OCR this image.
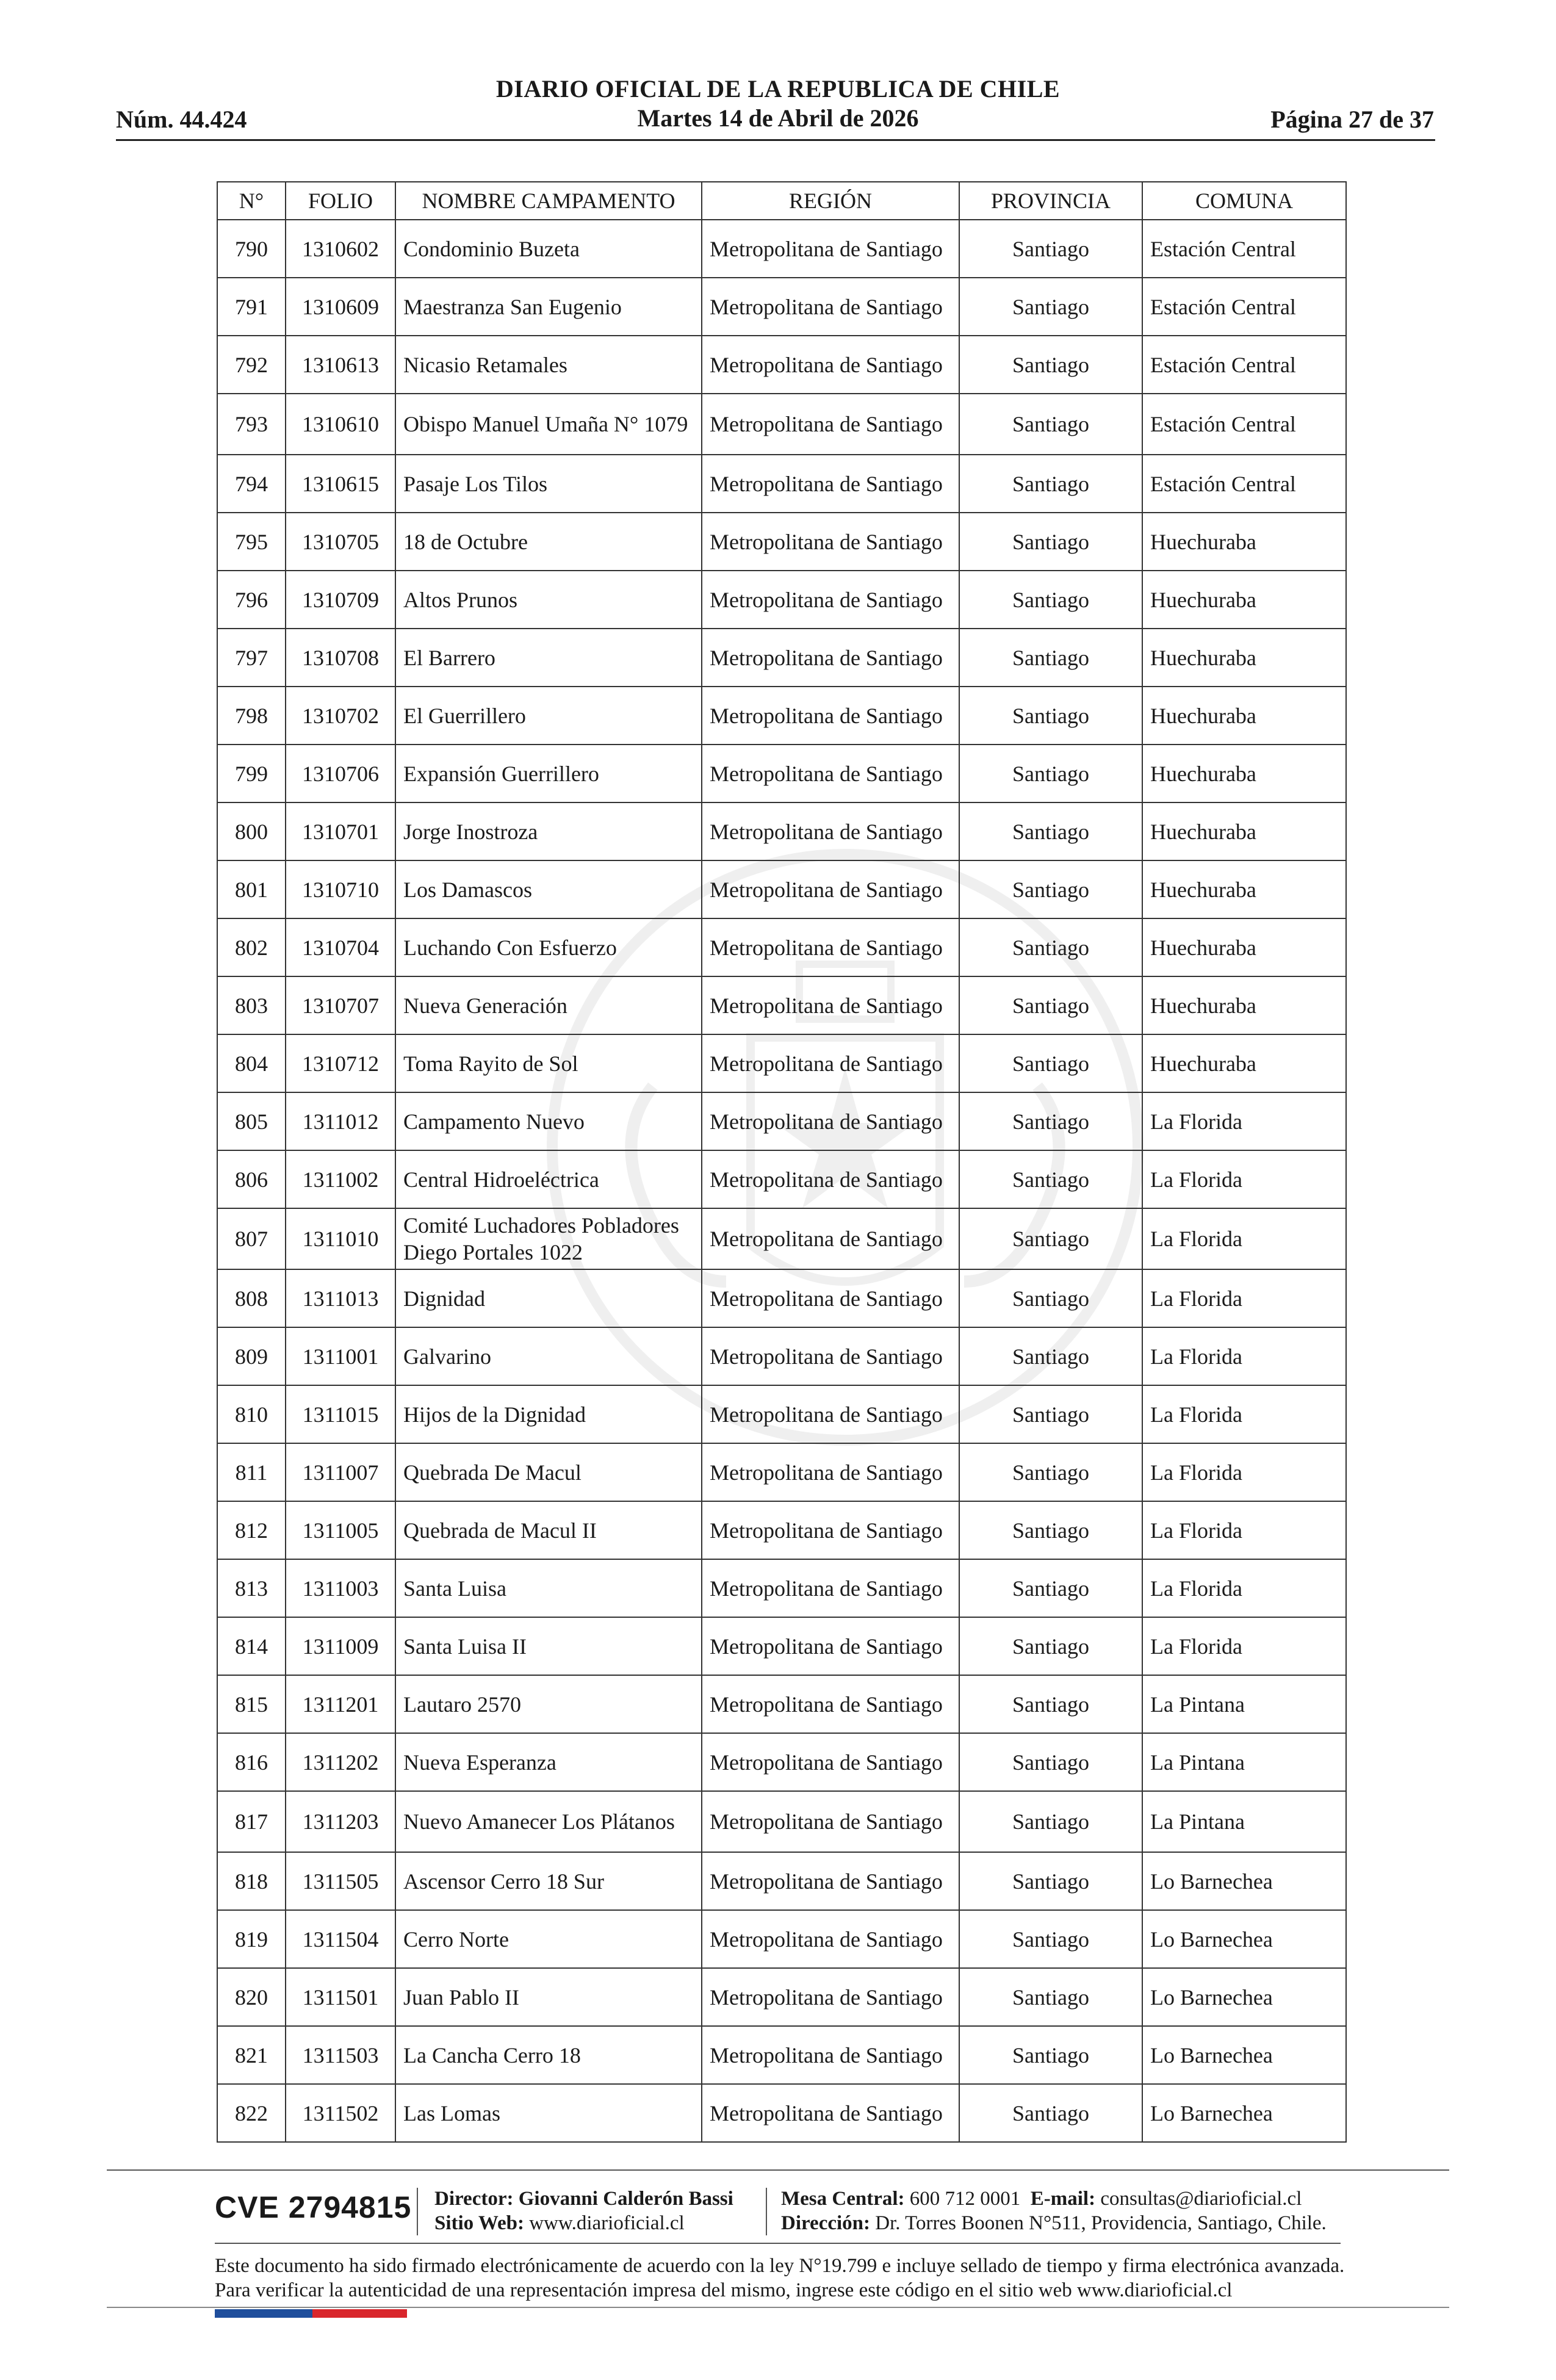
DIARIO OFICIAL DE LA REPUBLICA DE CHILE
Núm. 44.424	Martes 14 de Abril de 2026	Página 27 de 37
N°	FOLIO	NOMBRE CAMPAMENTO	REGIÓN	PROVINCIA	COMUNA
790	1310602	Condominio Buzeta	Metropolitana de Santiago	Santiago	Estación Central
791	1310609	Maestranza San Eugenio	Metropolitana de Santiago	Santiago	Estación Central
792	1310613	Nicasio Retamales	Metropolitana de Santiago	Santiago	Estación Central
793	1310610	Obispo Manuel Umaña N° 1079	Metropolitana de Santiago	Santiago	Estación Central
794	1310615	Pasaje Los Tilos	Metropolitana de Santiago	Santiago	Estación Central
795	1310705	18 de Octubre	Metropolitana de Santiago	Santiago	Huechuraba
796	1310709	Altos Prunos	Metropolitana de Santiago	Santiago	Huechuraba
797	1310708	El Barrero	Metropolitana de Santiago	Santiago	Huechuraba
798	1310702	El Guerrillero	Metropolitana de Santiago	Santiago	Huechuraba
799	1310706	Expansión Guerrillero	Metropolitana de Santiago	Santiago	Huechuraba
800	1310701	Jorge Inostroza	Metropolitana de Santiago	Santiago	Huechuraba
801	1310710	Los Damascos	Metropolitana de Santiago	Santiago	Huechuraba
802	1310704	Luchando Con Esfuerzo	Metropolitana de Santiago	Santiago	Huechuraba
803	1310707	Nueva Generación	Metropolitana de Santiago	Santiago	Huechuraba
804	1310712	Toma Rayito de Sol	Metropolitana de Santiago	Santiago	Huechuraba
805	1311012	Campamento Nuevo	Metropolitana de Santiago	Santiago	La Florida
806	1311002	Central Hidroeléctrica	Metropolitana de Santiago	Santiago	La Florida
807	1311010	Comité Luchadores Pobladores Diego Portales 1022	Metropolitana de Santiago	Santiago	La Florida
808	1311013	Dignidad	Metropolitana de Santiago	Santiago	La Florida
809	1311001	Galvarino	Metropolitana de Santiago	Santiago	La Florida
810	1311015	Hijos de la Dignidad	Metropolitana de Santiago	Santiago	La Florida
811	1311007	Quebrada De Macul	Metropolitana de Santiago	Santiago	La Florida
812	1311005	Quebrada de Macul II	Metropolitana de Santiago	Santiago	La Florida
813	1311003	Santa Luisa	Metropolitana de Santiago	Santiago	La Florida
814	1311009	Santa Luisa II	Metropolitana de Santiago	Santiago	La Florida
815	1311201	Lautaro 2570	Metropolitana de Santiago	Santiago	La Pintana
816	1311202	Nueva Esperanza	Metropolitana de Santiago	Santiago	La Pintana
817	1311203	Nuevo Amanecer Los Plátanos	Metropolitana de Santiago	Santiago	La Pintana
818	1311505	Ascensor Cerro 18 Sur	Metropolitana de Santiago	Santiago	Lo Barnechea
819	1311504	Cerro Norte	Metropolitana de Santiago	Santiago	Lo Barnechea
820	1311501	Juan Pablo II	Metropolitana de Santiago	Santiago	Lo Barnechea
821	1311503	La Cancha Cerro 18	Metropolitana de Santiago	Santiago	Lo Barnechea
822	1311502	Las Lomas	Metropolitana de Santiago	Santiago	Lo Barnechea
CVE 2794815 Director: Giovanni Calderón Bassi
Sitio Web: www.diarioficial.cl
Mesa Central: 600 712 0001 E-mail: consultas@diarioficial.cl
Dirección: Dr. Torres Boonen N°511, Providencia, Santiago, Chile.
Este documento ha sido firmado electrónicamente de acuerdo con la ley N°19.799 e incluye sellado de tiempo y firma electrónica avanzada. Para verificar la autenticidad de una representación impresa del mismo, ingrese este código en el sitio web www.diarioficial.cl
